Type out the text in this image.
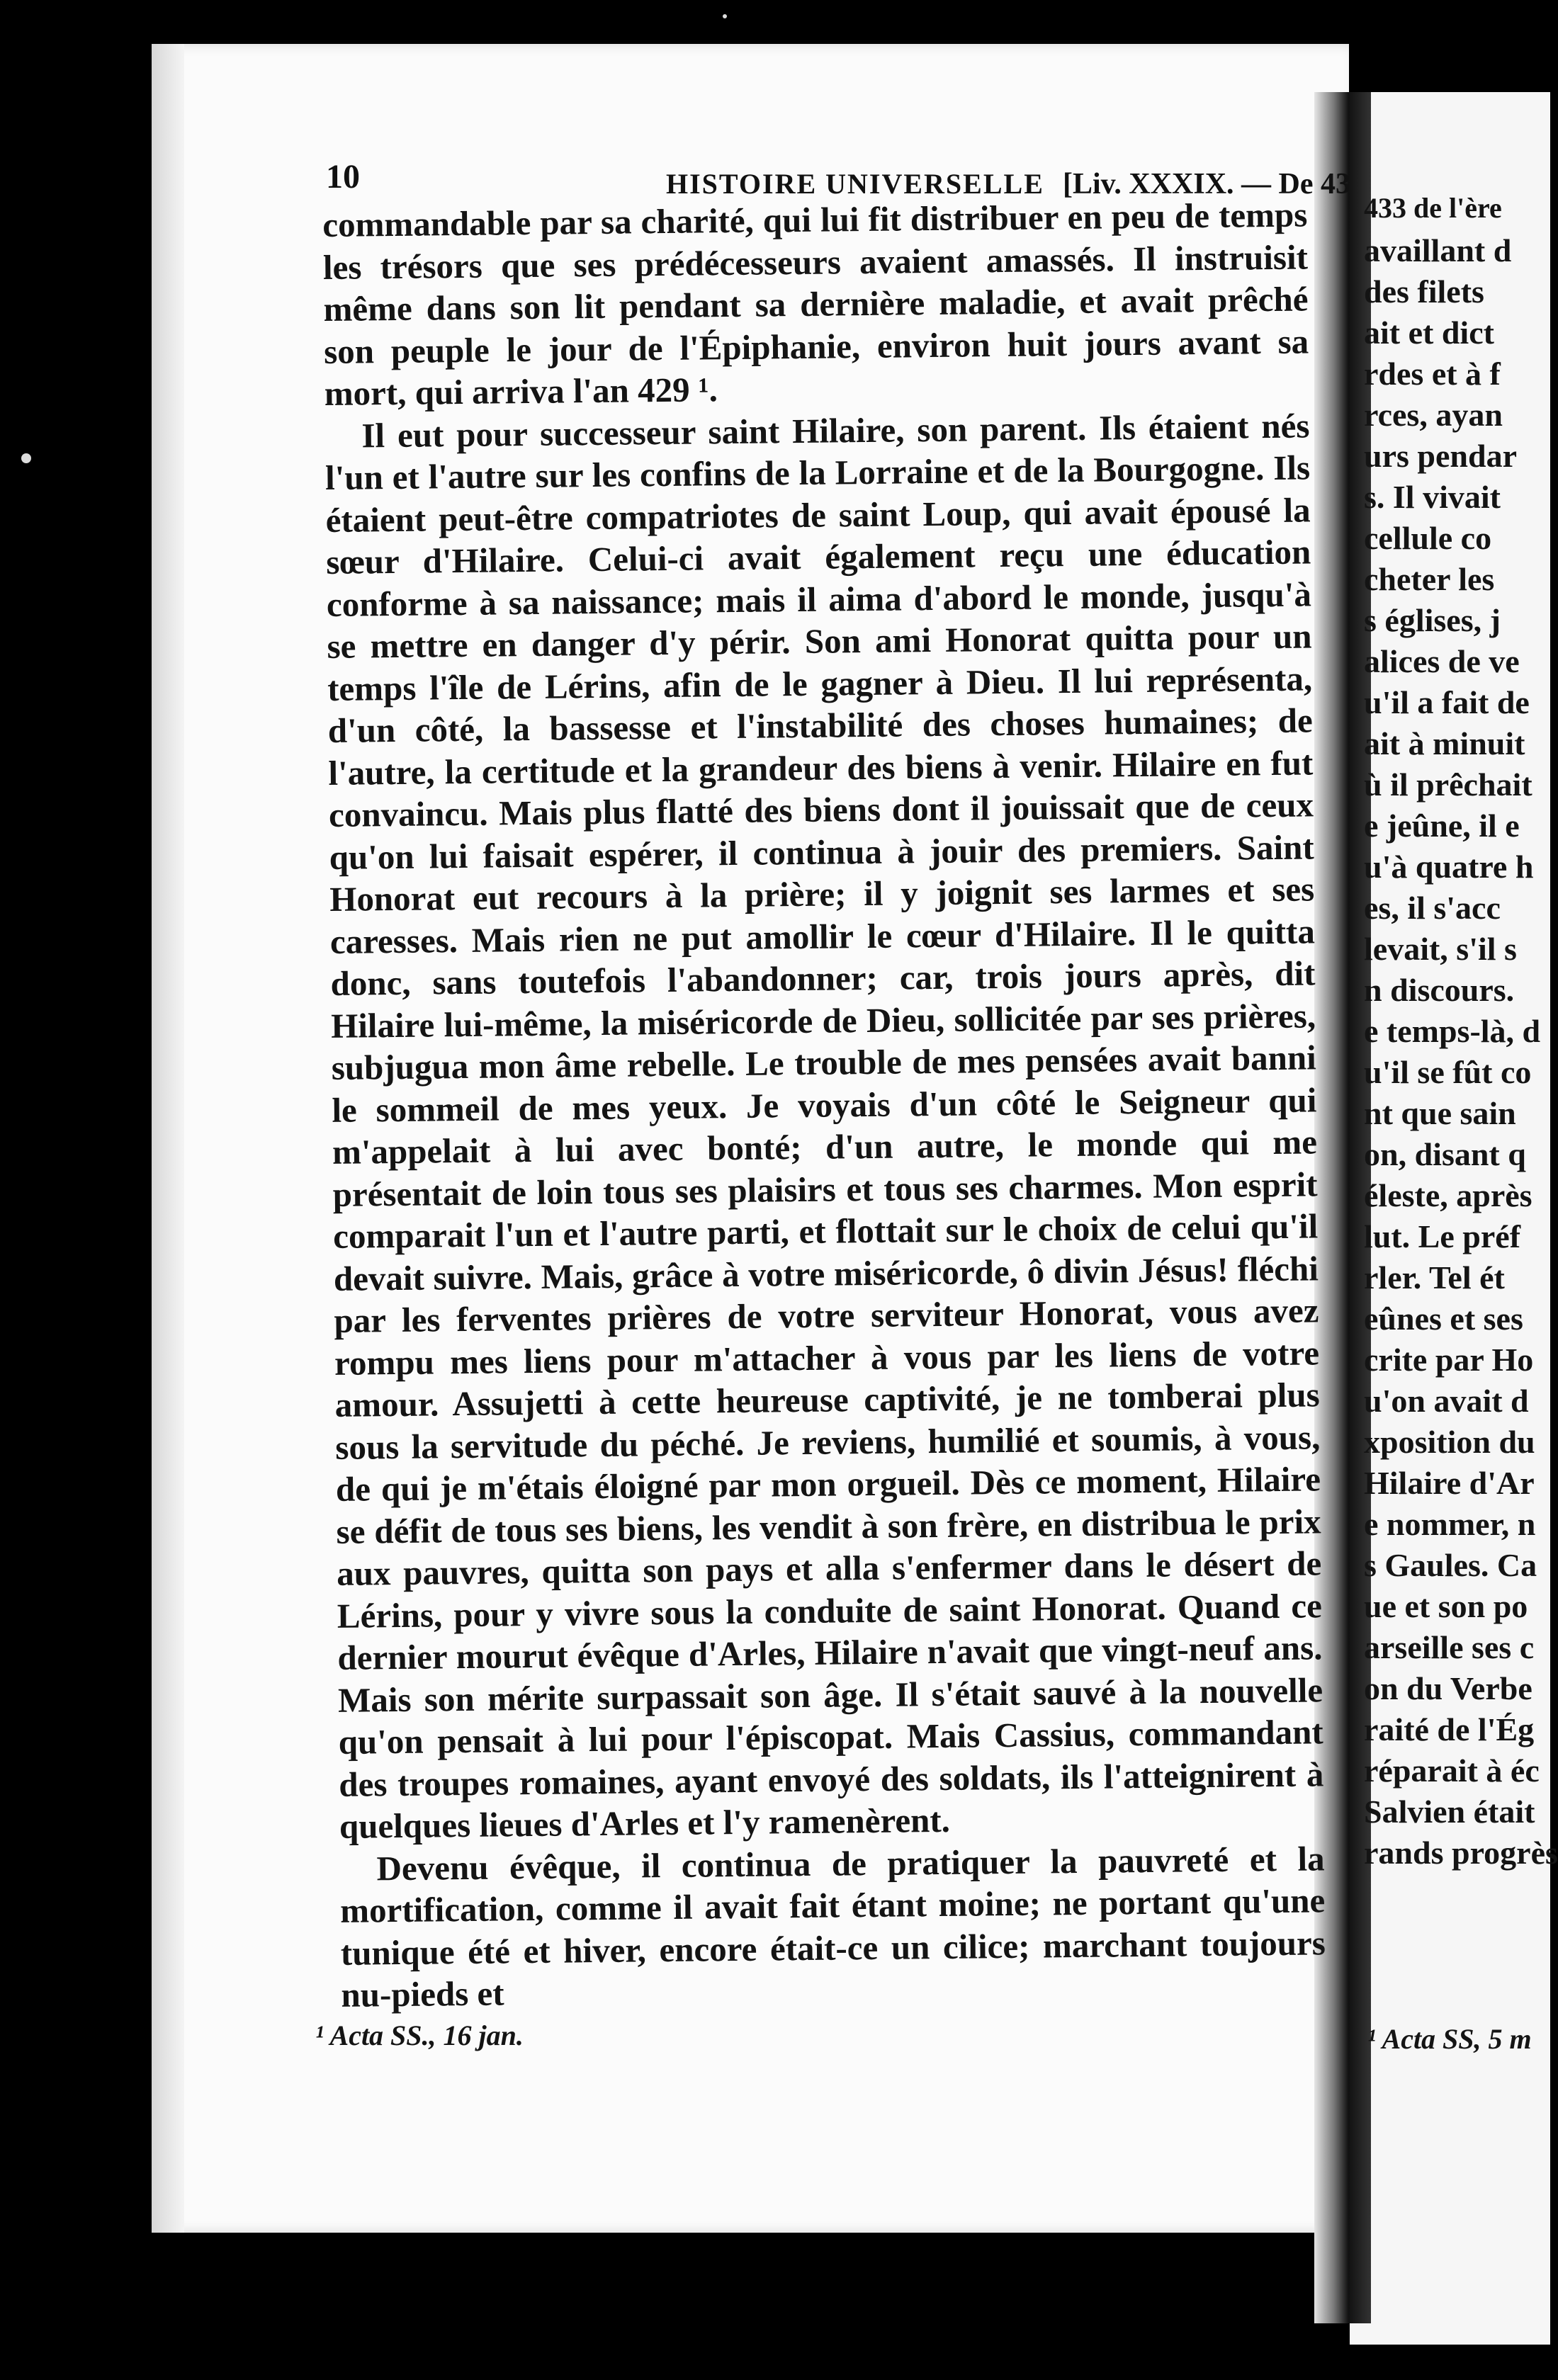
10	HISTOIRE UNIVERSELLE [Liv. XXXIX. — De 43

commandable par sa charité, qui lui fit distribuer en peu de temps les trésors que ses prédécesseurs avaient amassés. Il instruisit même dans son lit pendant sa dernière maladie, et avait prêché son peuple le jour de l'Épiphanie, environ huit jours avant sa mort, qui arriva l'an 429 ¹.

Il eut pour successeur saint Hilaire, son parent. Ils étaient nés l'un et l'autre sur les confins de la Lorraine et de la Bourgogne. Ils étaient peut-être compatriotes de saint Loup, qui avait épousé la sœur d'Hilaire. Celui-ci avait également reçu une éducation conforme à sa naissance; mais il aima d'abord le monde, jusqu'à se mettre en danger d'y périr. Son ami Honorat quitta pour un temps l'île de Lérins, afin de le gagner à Dieu. Il lui représenta, d'un côté, la bassesse et l'instabilité des choses humaines; de l'autre, la certitude et la grandeur des biens à venir. Hilaire en fut convaincu. Mais plus flatté des biens dont il jouissait que de ceux qu'on lui faisait espérer, il continua à jouir des premiers. Saint Honorat eut recours à la prière; il y joignit ses larmes et ses caresses. Mais rien ne put amollir le cœur d'Hilaire. Il le quitta donc, sans toutefois l'abandonner; car, trois jours après, dit Hilaire lui-même, la miséricorde de Dieu, sollicitée par ses prières, subjugua mon âme rebelle. Le trouble de mes pensées avait banni le sommeil de mes yeux. Je voyais d'un côté le Seigneur qui m'appelait à lui avec bonté; d'un autre, le monde qui me présentait de loin tous ses plaisirs et tous ses charmes. Mon esprit comparait l'un et l'autre parti, et flottait sur le choix de celui qu'il devait suivre. Mais, grâce à votre miséricorde, ô divin Jésus! fléchi par les ferventes prières de votre serviteur Honorat, vous avez rompu mes liens pour m'attacher à vous par les liens de votre amour. Assujetti à cette heureuse captivité, je ne tomberai plus sous la servitude du péché. Je reviens, humilié et soumis, à vous, de qui je m'étais éloigné par mon orgueil. Dès ce moment, Hilaire se défit de tous ses biens, les vendit à son frère, en distribua le prix aux pauvres, quitta son pays et alla s'enfermer dans le désert de Lérins, pour y vivre sous la conduite de saint Honorat. Quand ce dernier mourut évêque d'Arles, Hilaire n'avait que vingt-neuf ans. Mais son mérite surpassait son âge. Il s'était sauvé à la nouvelle qu'on pensait à lui pour l'épiscopat. Mais Cassius, commandant des troupes romaines, ayant envoyé des soldats, ils l'atteignirent à quelques lieues d'Arles et l'y ramenèrent.

Devenu évêque, il continua de pratiquer la pauvreté et la mortification, comme il avait fait étant moine; ne portant qu'une tunique été et hiver, encore était-ce un cilice; marchant toujours nu-pieds et

¹ Acta SS., 16 jan.
433 de l'ère
availlant d
des filets
ait et dict
rdes et à f
rces, ayan
urs pendar
s. Il vivait
cellule co
cheter les
s églises, j
alices de ve
u'il a fait de
ait à minuit
ù il prêchait
e jeûne, il e
u'à quatre h
es, il s'acc
levait, s'il s
n discours.
e temps-là, d
u'il se fût co
nt que sain
on, disant q
éleste, après
lut. Le préf
rler. Tel ét
eûnes et ses
crite par Ho
u'on avait d
xposition du
Hilaire d'Ar
e nommer, n
s Gaules. Ca
ue et son po
arseille ses c
on du Verbe
raité de l'Ég
réparait à éc
Salvien était
rands progrès
¹ Acta SS, 5 m
